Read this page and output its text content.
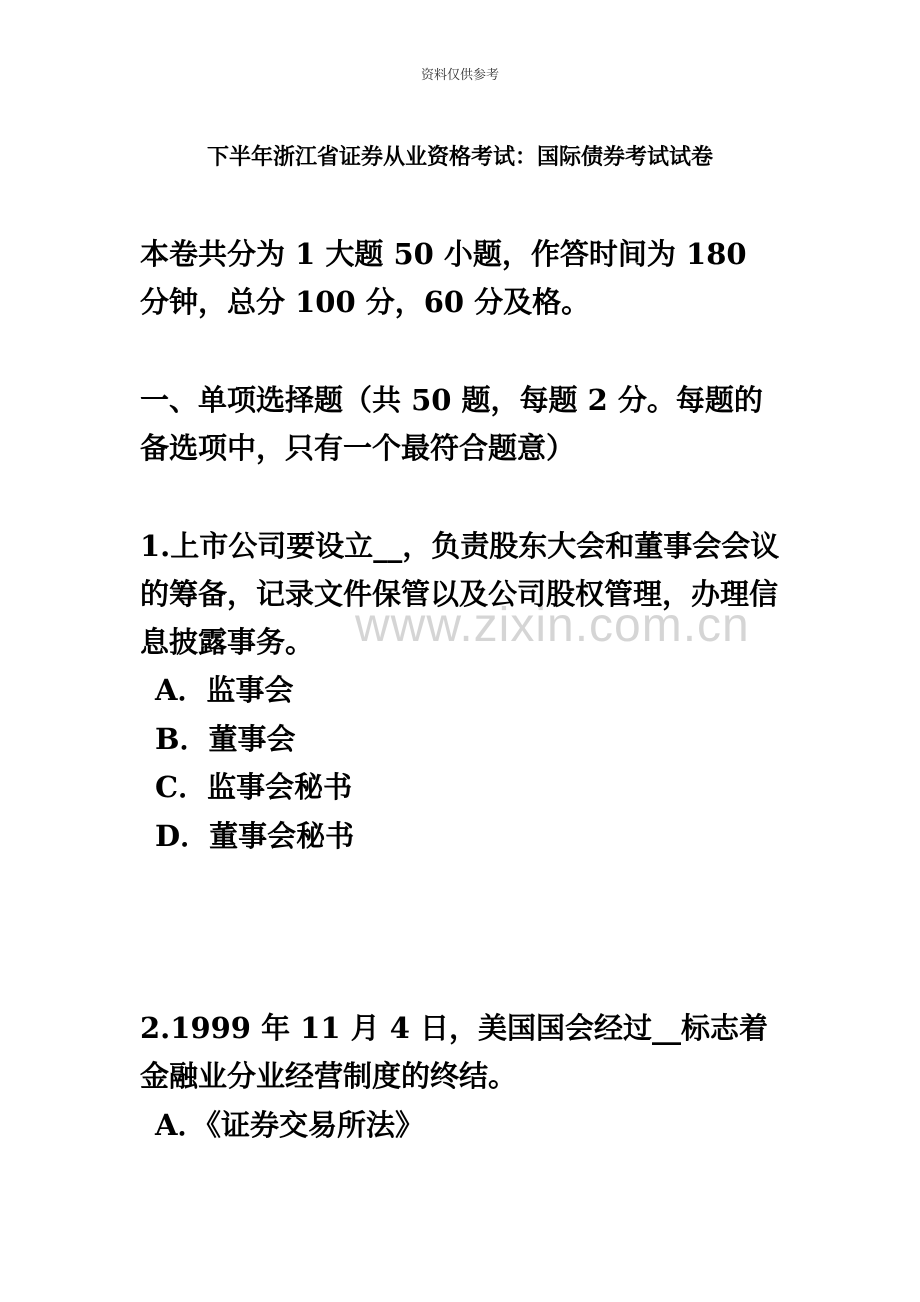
资料仅供参考
下半年浙江省证券从业资格考试：国际债券考试试卷
本卷共分为 1 大题 50 小题，作答时间为 180 分钟，总分 100 分，60 分及格。
一、单项选择题（共 50 题，每题 2 分。每题的备选项中，只有一个最符合题意）
1.上市公司要设立__，负责股东大会和董事会会议的筹备，记录文件保管以及公司股权管理，办理信息披露事务。
A．监事会
B．董事会
C．监事会秘书
D．董事会秘书
2.1999 年 11 月 4 日，美国国会经过__标志着金融业分业经营制度的终结。
A．《证券交易所法》
www.zixin.com.cn
